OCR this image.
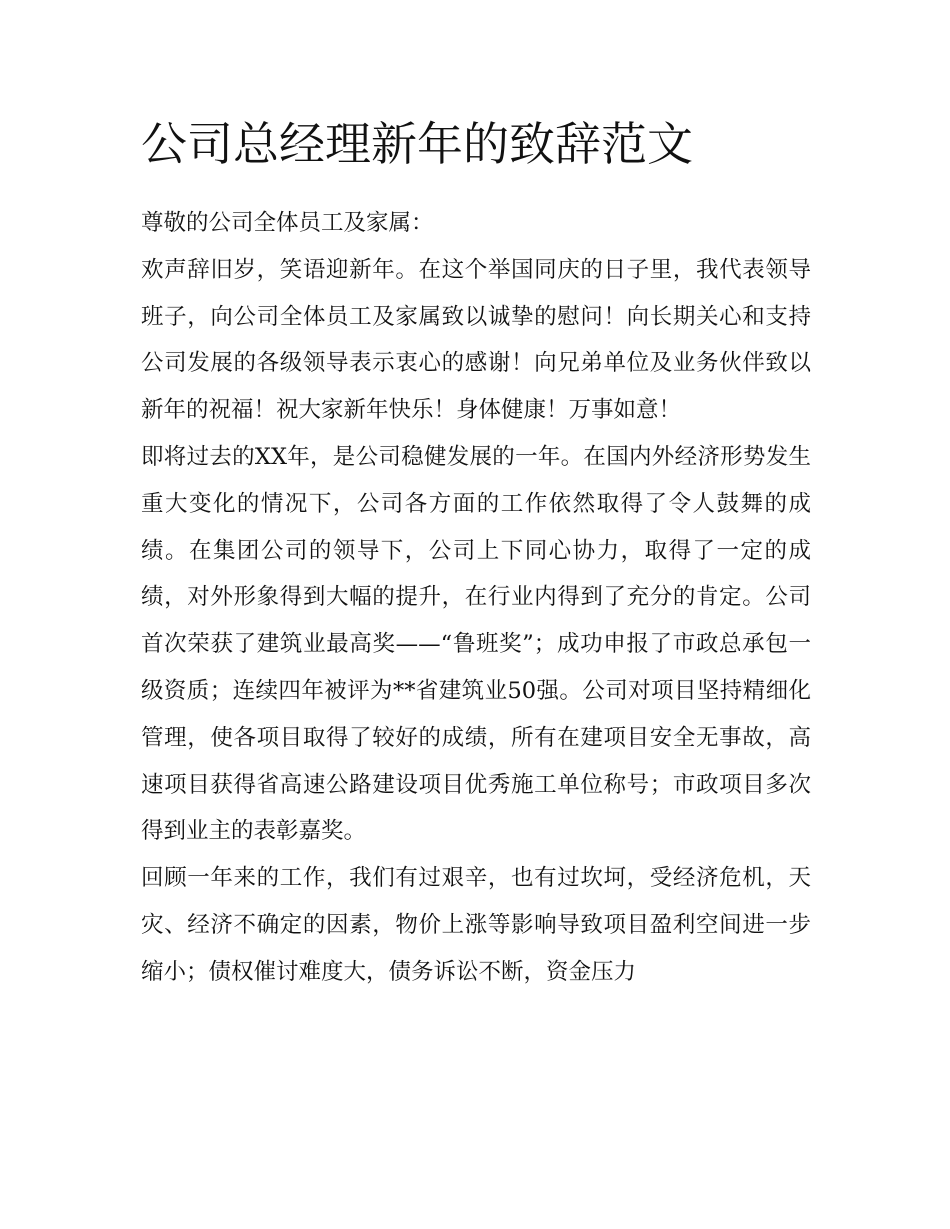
公司总经理新年的致辞范文

尊敬的公司全体员工及家属：

欢声辞旧岁，笑语迎新年。在这个举国同庆的日子里，我代表领导班子，向公司全体员工及家属致以诚挚的慰问！向长期关心和支持公司发展的各级领导表示衷心的感谢！向兄弟单位及业务伙伴致以新年的祝福！祝大家新年快乐！身体健康！万事如意！

即将过去的XX年，是公司稳健发展的一年。在国内外经济形势发生重大变化的情况下，公司各方面的工作依然取得了令人鼓舞的成绩。在集团公司的领导下，公司上下同心协力，取得了一定的成绩，对外形象得到大幅的提升，在行业内得到了充分的肯定。公司首次荣获了建筑业最高奖——“鲁班奖”；成功申报了市政总承包一级资质；连续四年被评为**省建筑业50强。公司对项目坚持精细化管理，使各项目取得了较好的成绩，所有在建项目安全无事故，高速项目获得省高速公路建设项目优秀施工单位称号；市政项目多次得到业主的表彰嘉奖。

回顾一年来的工作，我们有过艰辛，也有过坎坷，受经济危机，天灾、经济不确定的因素，物价上涨等影响导致项目盈利空间进一步缩小；债权催讨难度大，债务诉讼不断，资金压力
